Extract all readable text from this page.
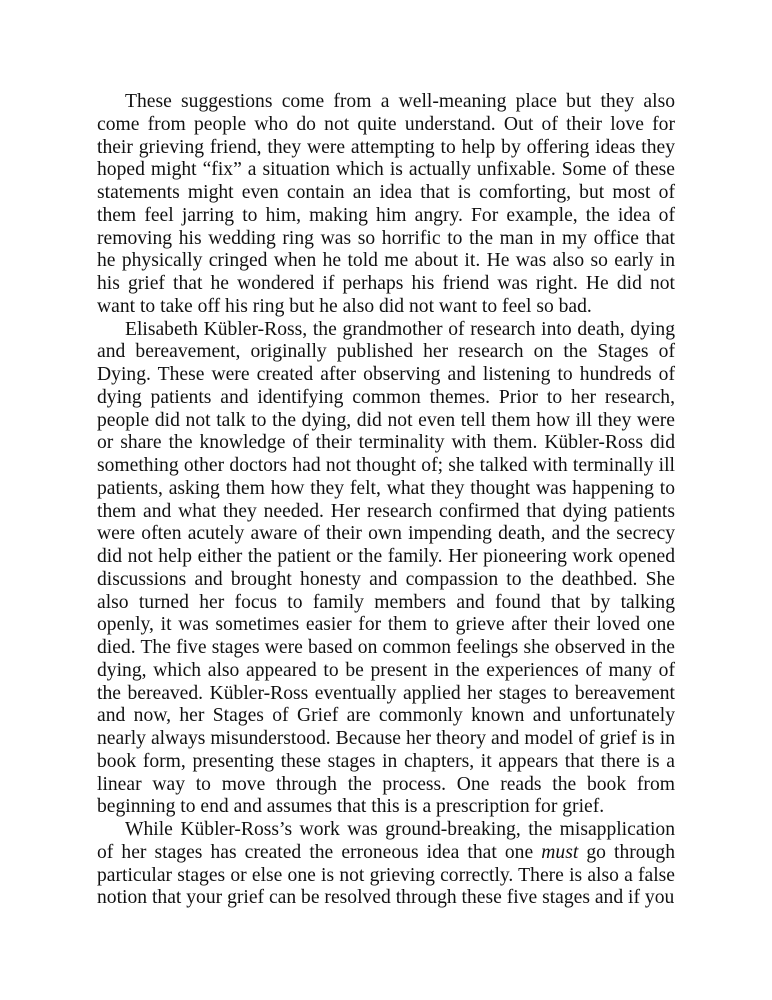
These suggestions come from a well-meaning place but they also come from people who do not quite understand. Out of their love for their grieving friend, they were attempting to help by offering ideas they hoped might “fix” a situation which is actually unfixable. Some of these statements might even contain an idea that is comforting, but most of them feel jarring to him, making him angry. For example, the idea of removing his wedding ring was so horrific to the man in my office that he physically cringed when he told me about it. He was also so early in his grief that he wondered if perhaps his friend was right. He did not want to take off his ring but he also did not want to feel so bad.

Elisabeth Kübler-Ross, the grandmother of research into death, dying and bereavement, originally published her research on the Stages of Dying. These were created after observing and listening to hundreds of dying patients and identifying common themes. Prior to her research, people did not talk to the dying, did not even tell them how ill they were or share the knowledge of their terminality with them. Kübler-Ross did something other doctors had not thought of; she talked with terminally ill patients, asking them how they felt, what they thought was happening to them and what they needed. Her research confirmed that dying patients were often acutely aware of their own impending death, and the secrecy did not help either the patient or the family. Her pioneering work opened discussions and brought honesty and compassion to the deathbed. She also turned her focus to family members and found that by talking openly, it was sometimes easier for them to grieve after their loved one died. The five stages were based on common feelings she observed in the dying, which also appeared to be present in the experiences of many of the bereaved. Kübler-Ross eventually applied her stages to bereavement and now, her Stages of Grief are commonly known and unfortunately nearly always misunderstood. Because her theory and model of grief is in book form, presenting these stages in chapters, it appears that there is a linear way to move through the process. One reads the book from beginning to end and assumes that this is a prescription for grief.

While Kübler-Ross’s work was ground-breaking, the misapplication of her stages has created the erroneous idea that one must go through particular stages or else one is not grieving correctly. There is also a false notion that your grief can be resolved through these five stages and if you
